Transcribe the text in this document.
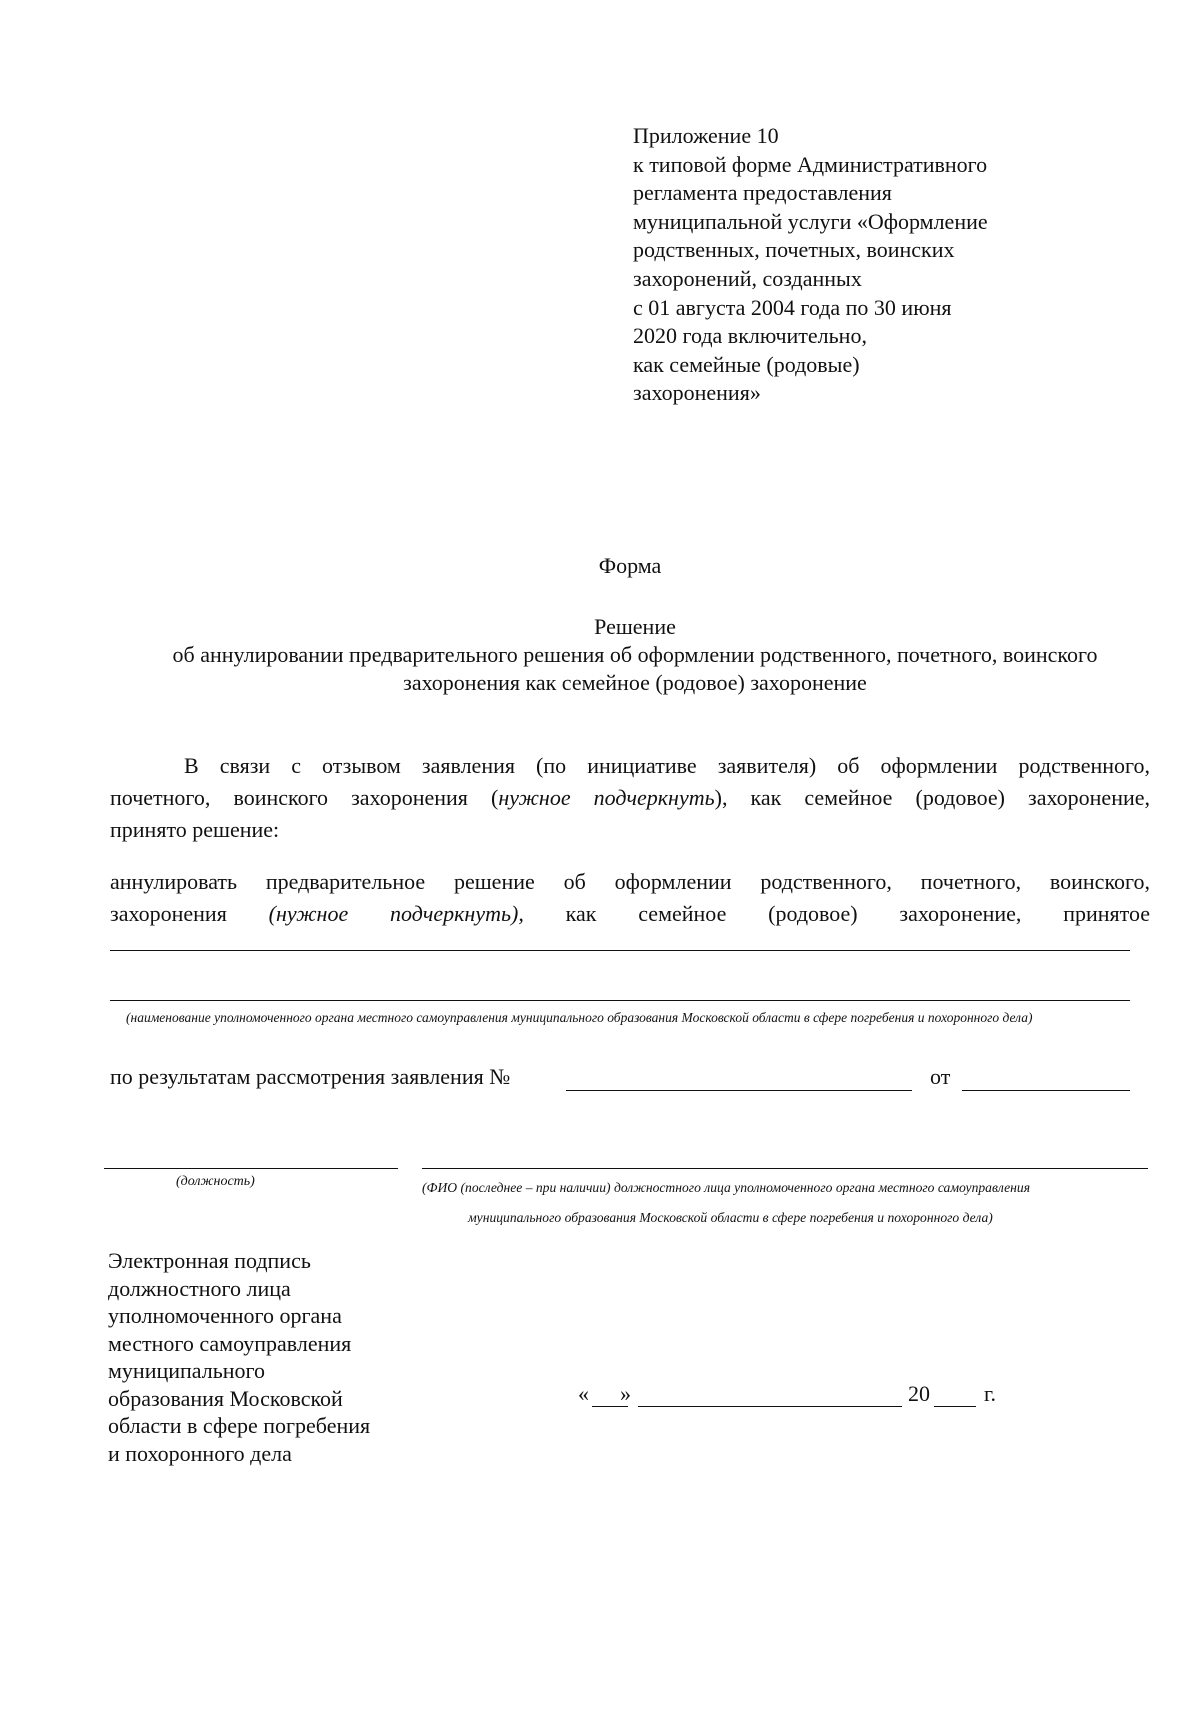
Приложение 10
к типовой форме Административного
регламента предоставления
муниципальной услуги «Оформление
родственных, почетных, воинских
захоронений, созданных
с 01 августа 2004 года по 30 июня
2020 года включительно,
как семейные (родовые)
захоронения»
Форма
Решение
об аннулировании предварительного решения об оформлении родственного, почетного, воинского
захоронения как семейное (родовое) захоронение
В связи с отзывом заявления (по инициативе заявителя) об оформлении родственного,
почетного, воинского захоронения (нужное подчеркнуть), как семейное (родовое) захоронение,
принято решение:
аннулировать предварительное решение об оформлении родственного, почетного, воинского,
захоронения (нужное подчеркнуть), как семейное (родовое) захоронение, принятое
(наименование уполномоченного органа местного самоуправления муниципального образования Московской области в сфере погребения и похоронного дела)
по результатам рассмотрения заявления №	от
(должность)	(ФИО (последнее – при наличии) должностного лица уполномоченного органа местного самоуправления
муниципального образования Московской области в сфере погребения и похоронного дела)
Электронная подпись
должностного лица
уполномоченного органа
местного самоуправления
муниципального
образования Московской
области в сфере погребения
и похоронного дела
« »	20 г.
